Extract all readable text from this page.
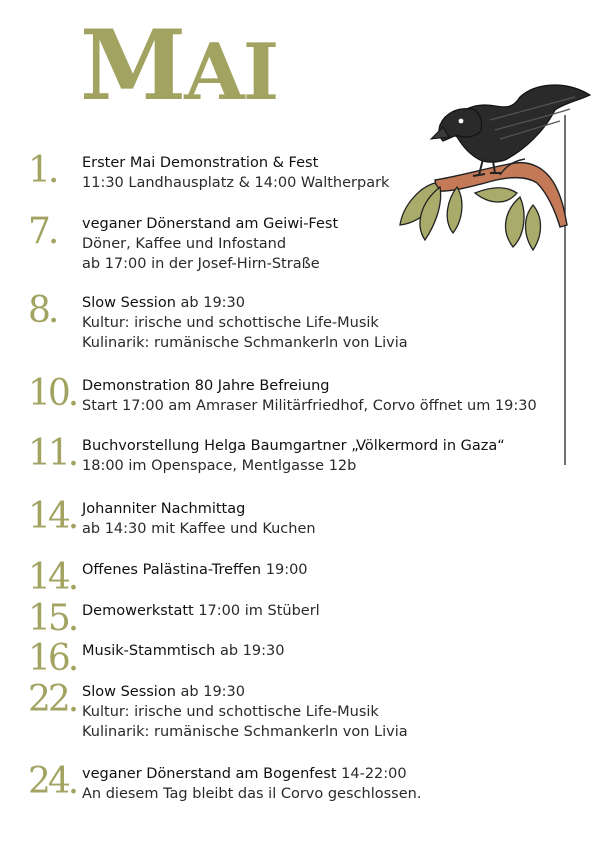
MAI
1. Erster Mai Demonstration & Fest
11:30 Landhausplatz & 14:00 Waltherpark
7. veganer Dönerstand am Geiwi-Fest
Döner, Kaffee und Infostand
ab 17:00 in der Josef-Hirn-Straße
8. Slow Session ab 19:30
Kultur: irische und schottische Life-Musik
Kulinarik: rumänische Schmankerln von Livia
10. Demonstration 80 Jahre Befreiung
Start 17:00 am Amraser Militärfriedhof, Corvo öffnet um 19:30
11. Buchvorstellung Helga Baumgartner „Völkermord in Gaza“
18:00 im Openspace, Mentlgasse 12b
14. Johanniter Nachmittag
ab 14:30 mit Kaffee und Kuchen
14. Offenes Palästina-Treffen 19:00
15. Demowerkstatt 17:00 im Stüberl
16. Musik-Stammtisch ab 19:30
22. Slow Session ab 19:30
Kultur: irische und schottische Life-Musik
Kulinarik: rumänische Schmankerln von Livia
24. veganer Dönerstand am Bogenfest 14-22:00
An diesem Tag bleibt das il Corvo geschlossen.
